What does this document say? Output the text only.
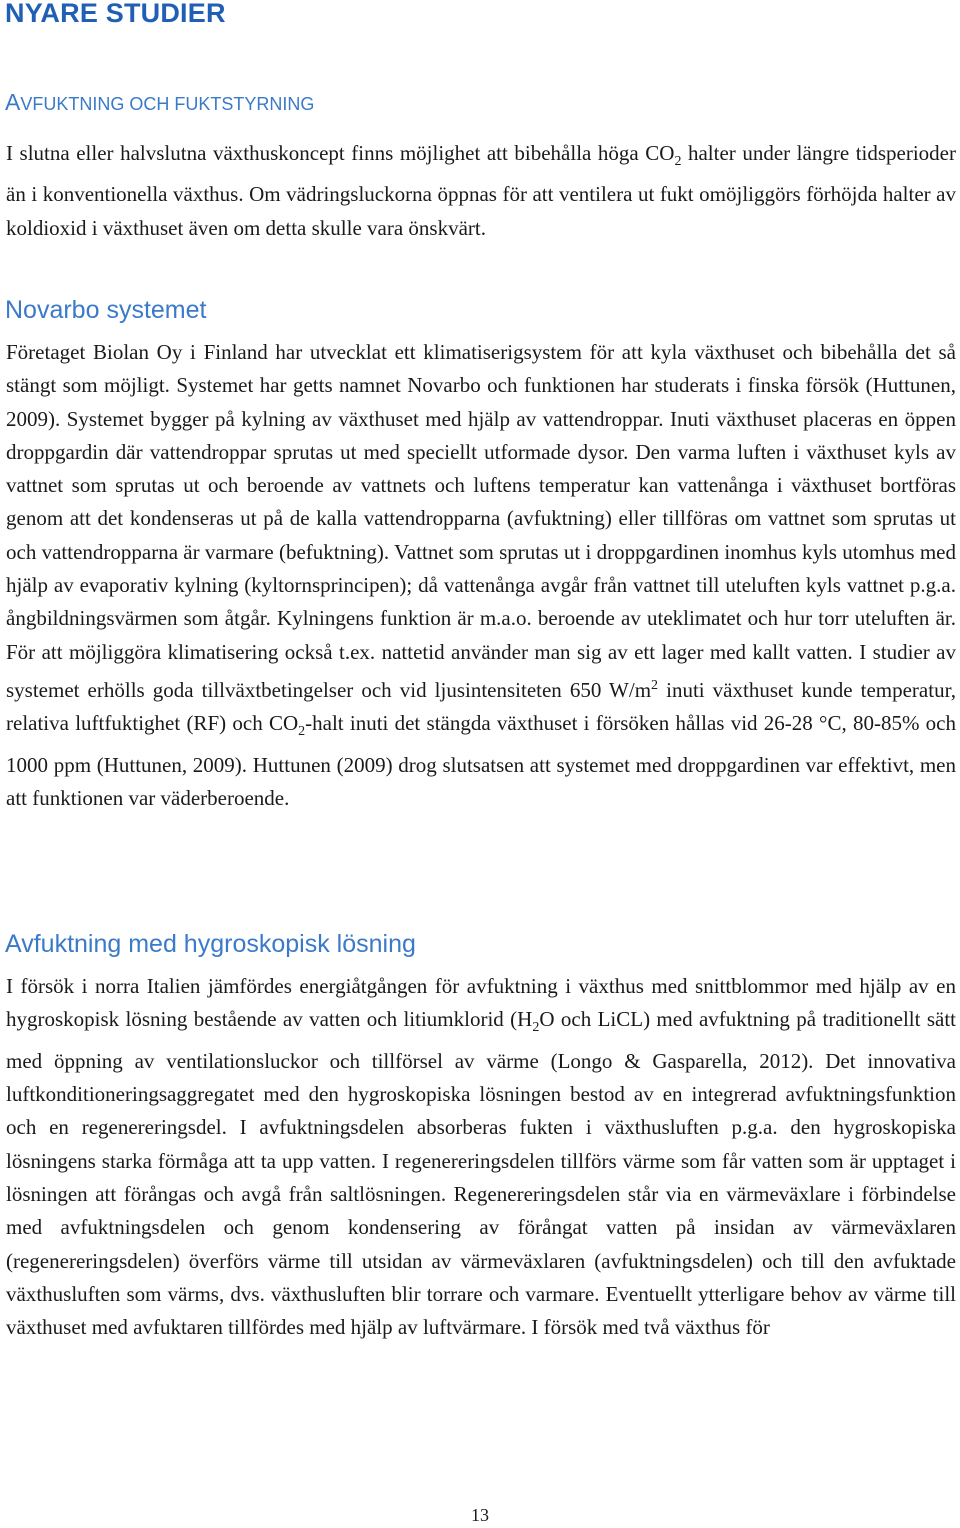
NYARE STUDIER
AVFUKTNING OCH FUKTSTYRNING

I slutna eller halvslutna växthuskoncept finns möjlighet att bibehålla höga $CO_2$ halter under längre tidsperioder än i konventionella växthus. Om vädringsluckorna öppnas för att ventilera ut fukt omöjliggörs förhöjda halter av koldioxid i växthuset även om detta skulle vara önskvärt.

Novarbo systemet

Företaget Biolan Oy i Finland har utvecklat ett klimatiserigsystem för att kyla växthuset och bibehålla det så stängt som möjligt. Systemet har getts namnet Novarbo och funktionen har studerats i finska försök (Huttunen, 2009). Systemet bygger på kylning av växthuset med hjälp av vattendroppar. Inuti växthuset placeras en öppen droppgardin där vattendroppar sprutas ut med speciellt utformade dysor. Den varma luften i växthuset kyls av vattnet som sprutas ut och beroende av vattnets och luftens temperatur kan vattenånga i växthuset bortföras genom att det kondenseras ut på de kalla vattendropparna (avfuktning) eller tillföras om vattnet som sprutas ut och vattendropparna är varmare (befuktning). Vattnet som sprutas ut i droppgardinen inomhus kyls utomhus med hjälp av evaporativ kylning (kyltornsprincipen); då vattenånga avgår från vattnet till uteluften kyls vattnet p.g.a. ångbildningsvärmen som åtgår. Kylningens funktion är m.a.o. beroende av uteklimatet och hur torr uteluften är. För att möjliggöra klimatisering också t.ex. nattetid använder man sig av ett lager med kallt vatten. I studier av systemet erhölls goda tillväxtbetingelser och vid ljusintensiteten 650 $W/m^2$ inuti växthuset kunde temperatur, relativa luftfuktighet (RF) och $CO_2$-halt inuti det stängda växthuset i försöken hållas vid 26-28 °C, 80-85% och 1000 ppm (Huttunen, 2009). Huttunen (2009) drog slutsatsen att systemet med droppgardinen var effektivt, men att funktionen var väderberoende.

Avfuktning med hygroskopisk lösning

I försök i norra Italien jämfördes energiåtgången för avfuktning i växthus med snittblommor med hjälp av en hygroskopisk lösning bestående av vatten och litiumklorid ($H_2O$ och LiCL) med avfuktning på traditionellt sätt med öppning av ventilationsluckor och tillförsel av värme (Longo & Gasparella, 2012). Det innovativa luftkonditioneringsaggregatet med den hygroskopiska lösningen bestod av en integrerad avfuktningsfunktion och en regenereringsdel. I avfuktningsdelen absorberas fukten i växthusluften p.g.a. den hygroskopiska lösningens starka förmåga att ta upp vatten. I regenereringsdelen tillförs värme som får vatten som är upptaget i lösningen att förångas och avgå från saltlösningen. Regenereringsdelen står via en värmeväxlare i förbindelse med avfuktningsdelen och genom kondensering av förångat vatten på insidan av värmeväxlaren (regenereringsdelen) överförs värme till utsidan av värmeväxlaren (avfuktningsdelen) och till den avfuktade växthusluften som värms, dvs. växthusluften blir torrare och varmare. Eventuellt ytterligare behov av värme till växthuset med avfuktaren tillfördes med hjälp av luftvärmare. I försök med två växthus för

13
